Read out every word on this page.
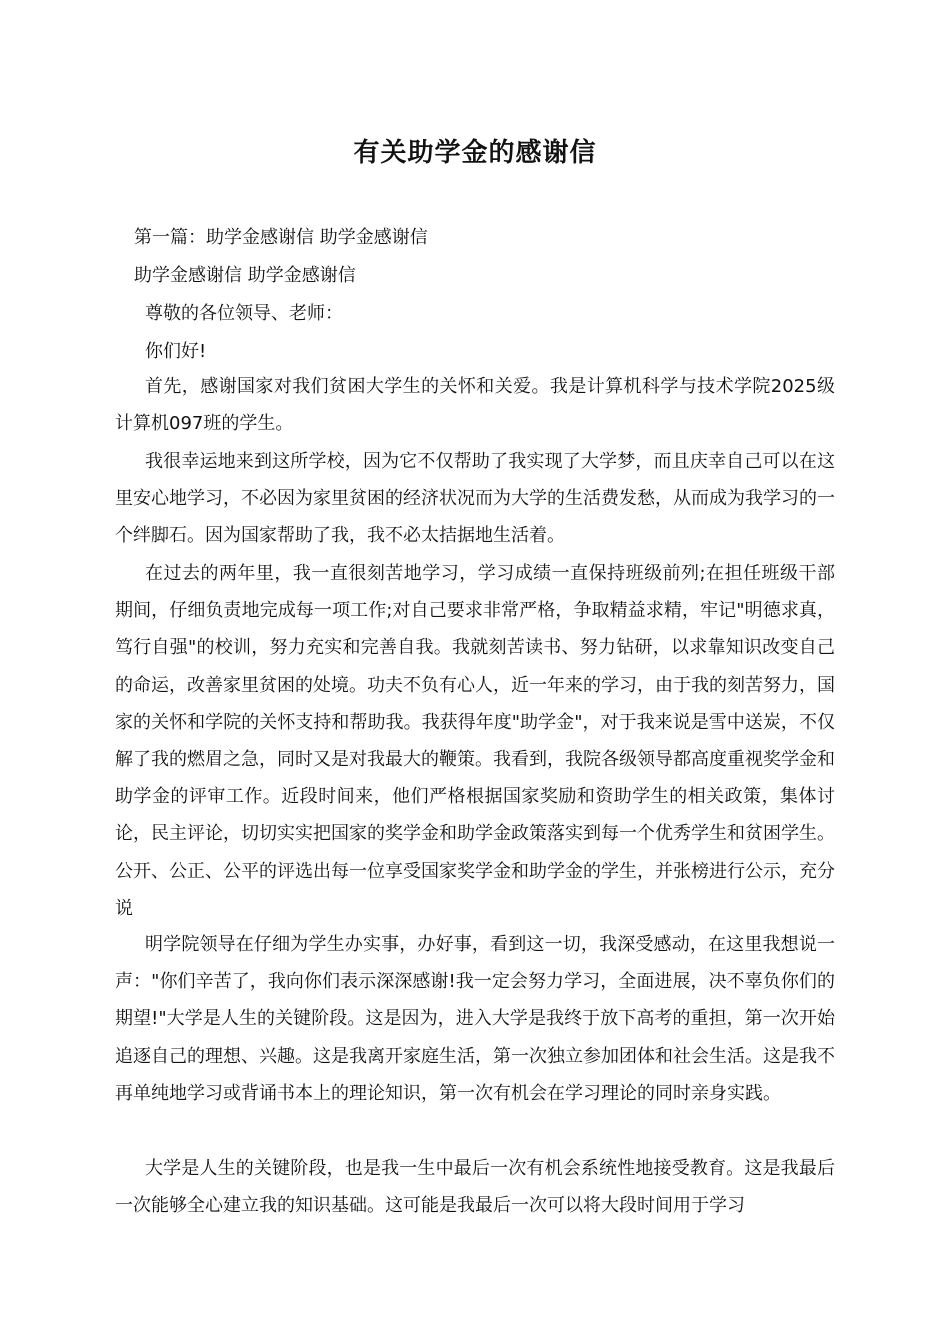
有关助学金的感谢信

第一篇：助学金感谢信 助学金感谢信

助学金感谢信 助学金感谢信

尊敬的各位领导、老师：

你们好!

首先，感谢国家对我们贫困大学生的关怀和关爱。我是计算机科学与技术学院2025级计算机097班的学生。

我很幸运地来到这所学校，因为它不仅帮助了我实现了大学梦，而且庆幸自己可以在这里安心地学习，不必因为家里贫困的经济状况而为大学的生活费发愁，从而成为我学习的一个绊脚石。因为国家帮助了我，我不必太拮据地生活着。

在过去的两年里，我一直很刻苦地学习，学习成绩一直保持班级前列;在担任班级干部期间，仔细负责地完成每一项工作;对自己要求非常严格，争取精益求精，牢记"明德求真，笃行自强"的校训，努力充实和完善自我。我就刻苦读书、努力钻研，以求靠知识改变自己的命运，改善家里贫困的处境。功夫不负有心人，近一年来的学习，由于我的刻苦努力，国家的关怀和学院的关怀支持和帮助我。我获得年度"助学金"，对于我来说是雪中送炭，不仅解了我的燃眉之急，同时又是对我最大的鞭策。我看到，我院各级领导都高度重视奖学金和助学金的评审工作。近段时间来，他们严格根据国家奖励和资助学生的相关政策，集体讨论，民主评论，切切实实把国家的奖学金和助学金政策落实到每一个优秀学生和贫困学生。公开、公正、公平的评选出每一位享受国家奖学金和助学金的学生，并张榜进行公示，充分说

明学院领导在仔细为学生办实事，办好事，看到这一切，我深受感动，在这里我想说一声："你们辛苦了，我向你们表示深深感谢!我一定会努力学习，全面进展，决不辜负你们的期望!"大学是人生的关键阶段。这是因为，进入大学是我终于放下高考的重担，第一次开始追逐自己的理想、兴趣。这是我离开家庭生活，第一次独立参加团体和社会生活。这是我不再单纯地学习或背诵书本上的理论知识，第一次有机会在学习理论的同时亲身实践。

大学是人生的关键阶段，也是我一生中最后一次有机会系统性地接受教育。这是我最后一次能够全心建立我的知识基础。这可能是我最后一次可以将大段时间用于学习
